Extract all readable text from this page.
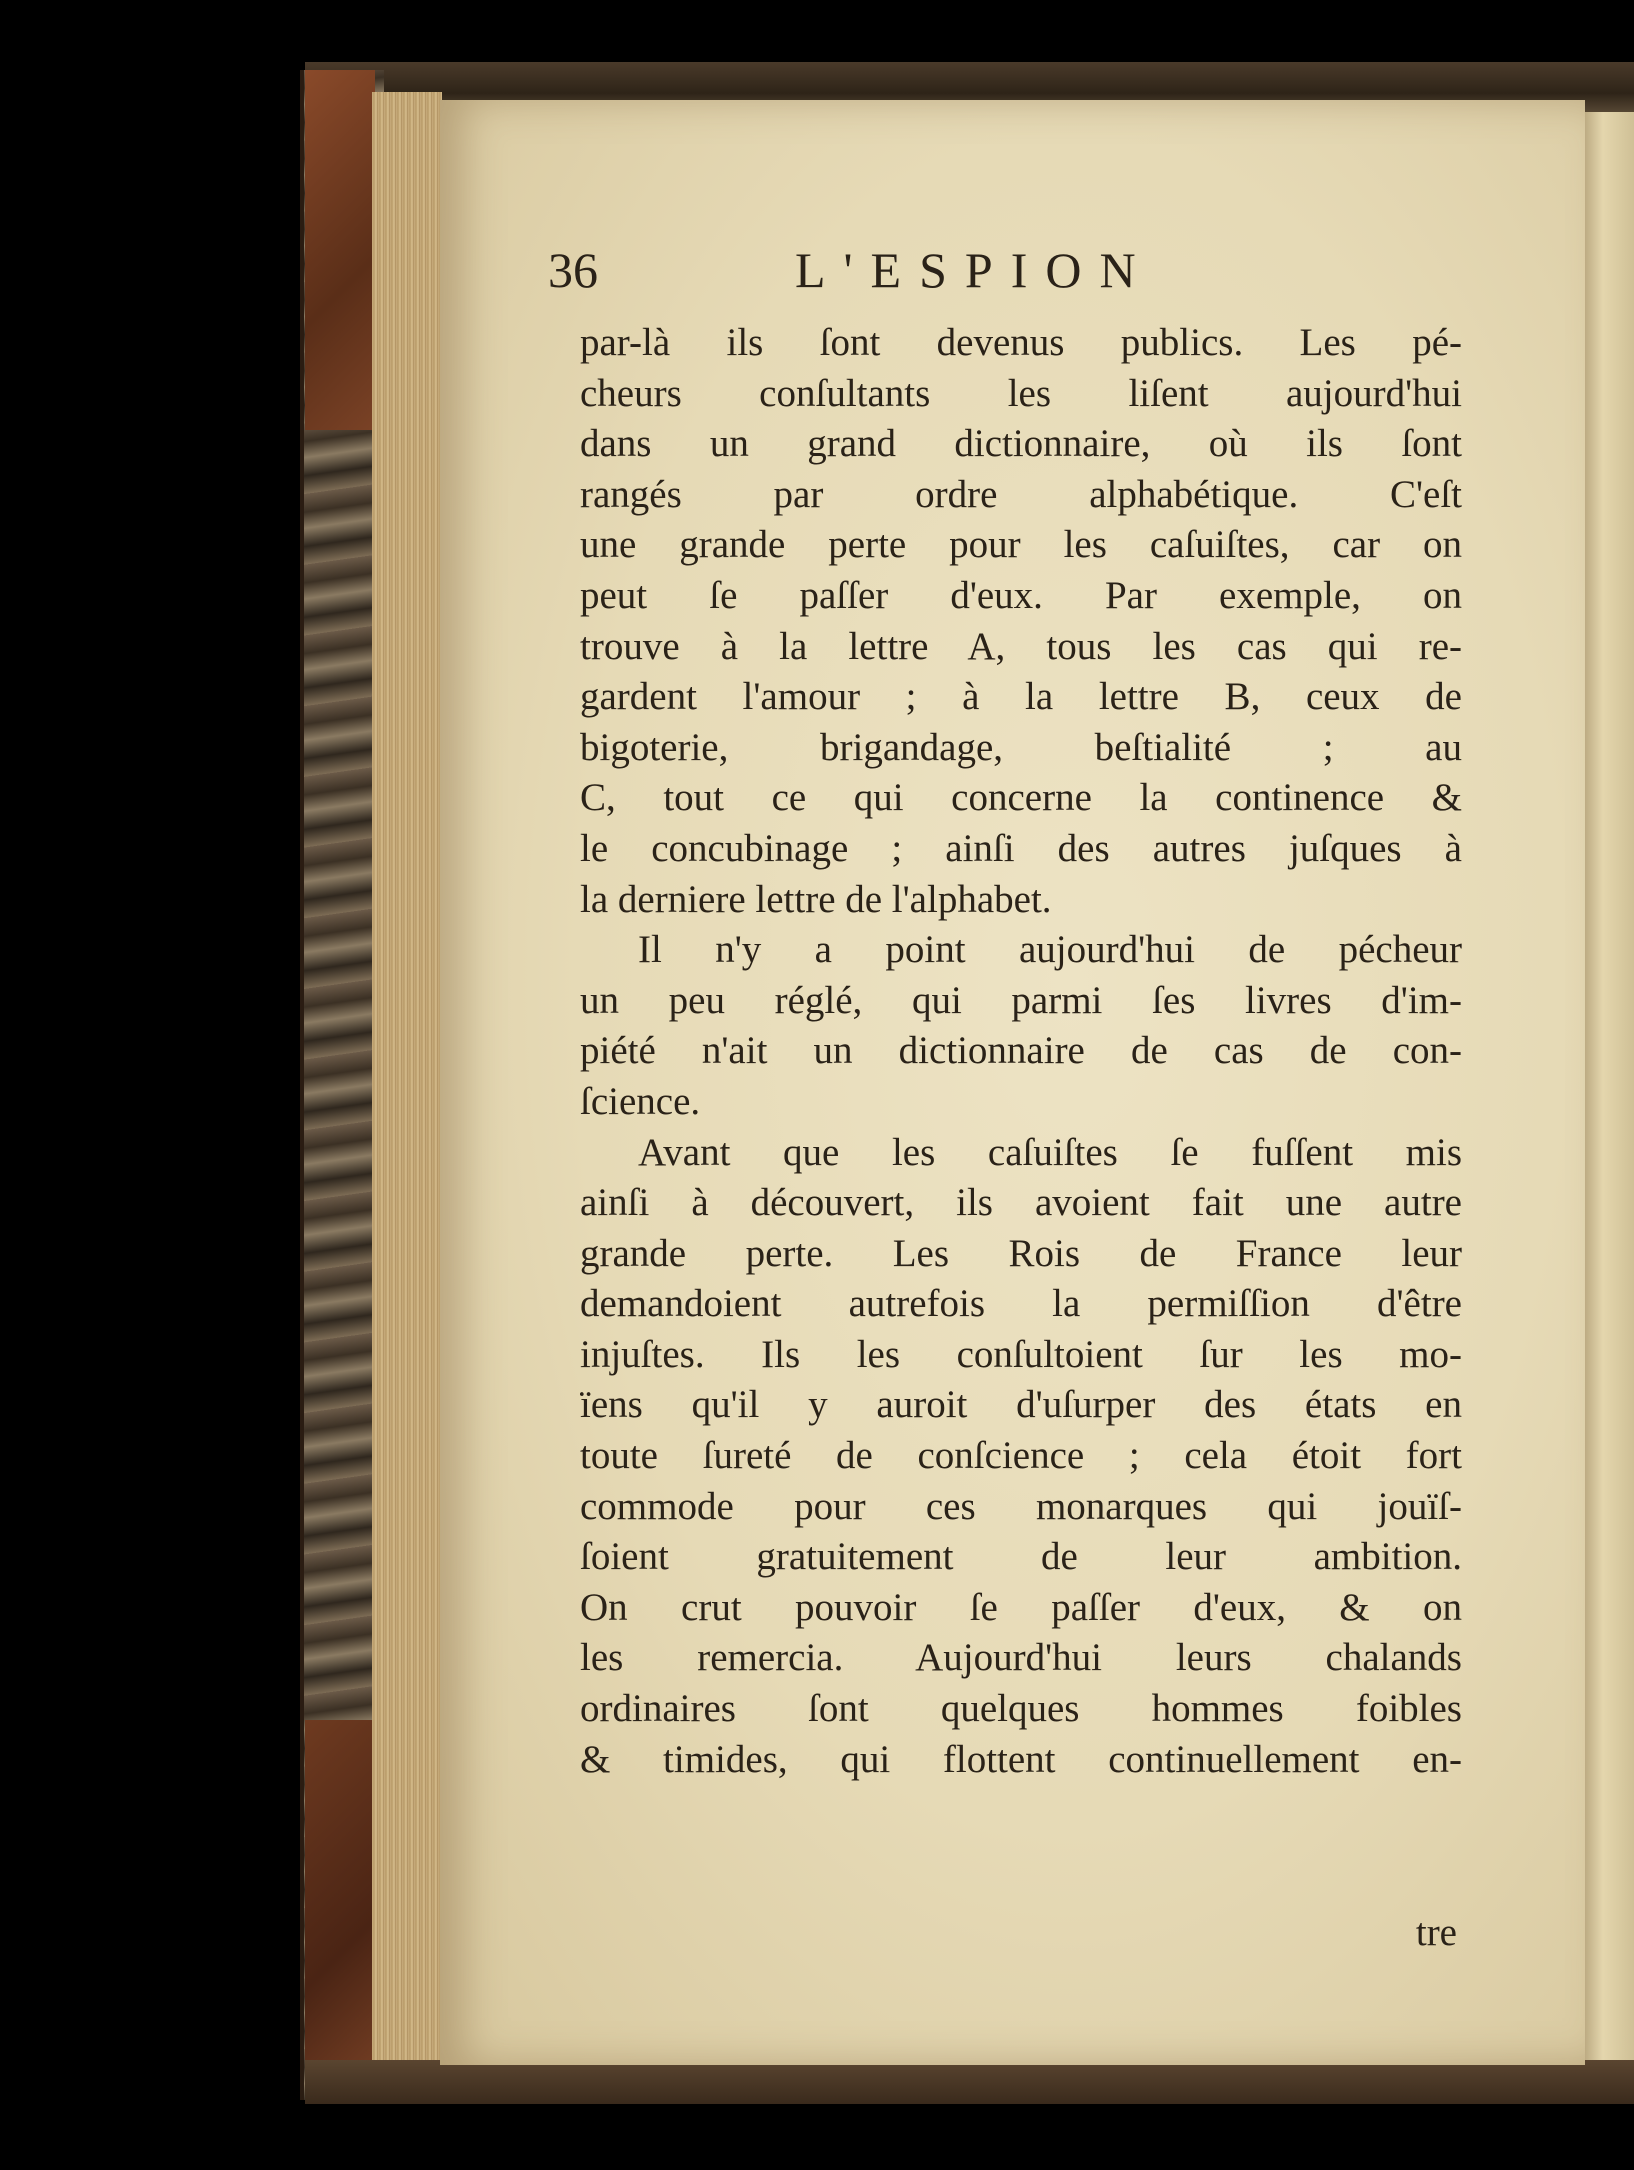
36	L'ESPION
par-là ils ſont devenus publics. Les pé-
cheurs conſultants les liſent aujourd'hui
dans un grand dictionnaire, où ils ſont
rangés par ordre alphabétique. C'eſt
une grande perte pour les caſuiſtes, car on
peut ſe paſſer d'eux. Par exemple, on
trouve à la lettre A, tous les cas qui re-
gardent l'amour ; à la lettre B, ceux de
bigoterie, brigandage, beſtialité ; au
C, tout ce qui concerne la continence &
le concubinage ; ainſi des autres juſques à
la derniere lettre de l'alphabet.
Il n'y a point aujourd'hui de pécheur
un peu réglé, qui parmi ſes livres d'im-
piété n'ait un dictionnaire de cas de con-
ſcience.
Avant que les caſuiſtes ſe fuſſent mis
ainſi à découvert, ils avoient fait une autre
grande perte. Les Rois de France leur
demandoient autrefois la permiſſion d'être
injuſtes. Ils les conſultoient ſur les mo-
ïens qu'il y auroit d'uſurper des états en
toute ſureté de conſcience ; cela étoit fort
commode pour ces monarques qui jouïſ-
ſoient gratuitement de leur ambition.
On crut pouvoir ſe paſſer d'eux, & on
les remercia. Aujourd'hui leurs chalands
ordinaires ſont quelques hommes foibles
& timides, qui flottent continuellement en-
tre
